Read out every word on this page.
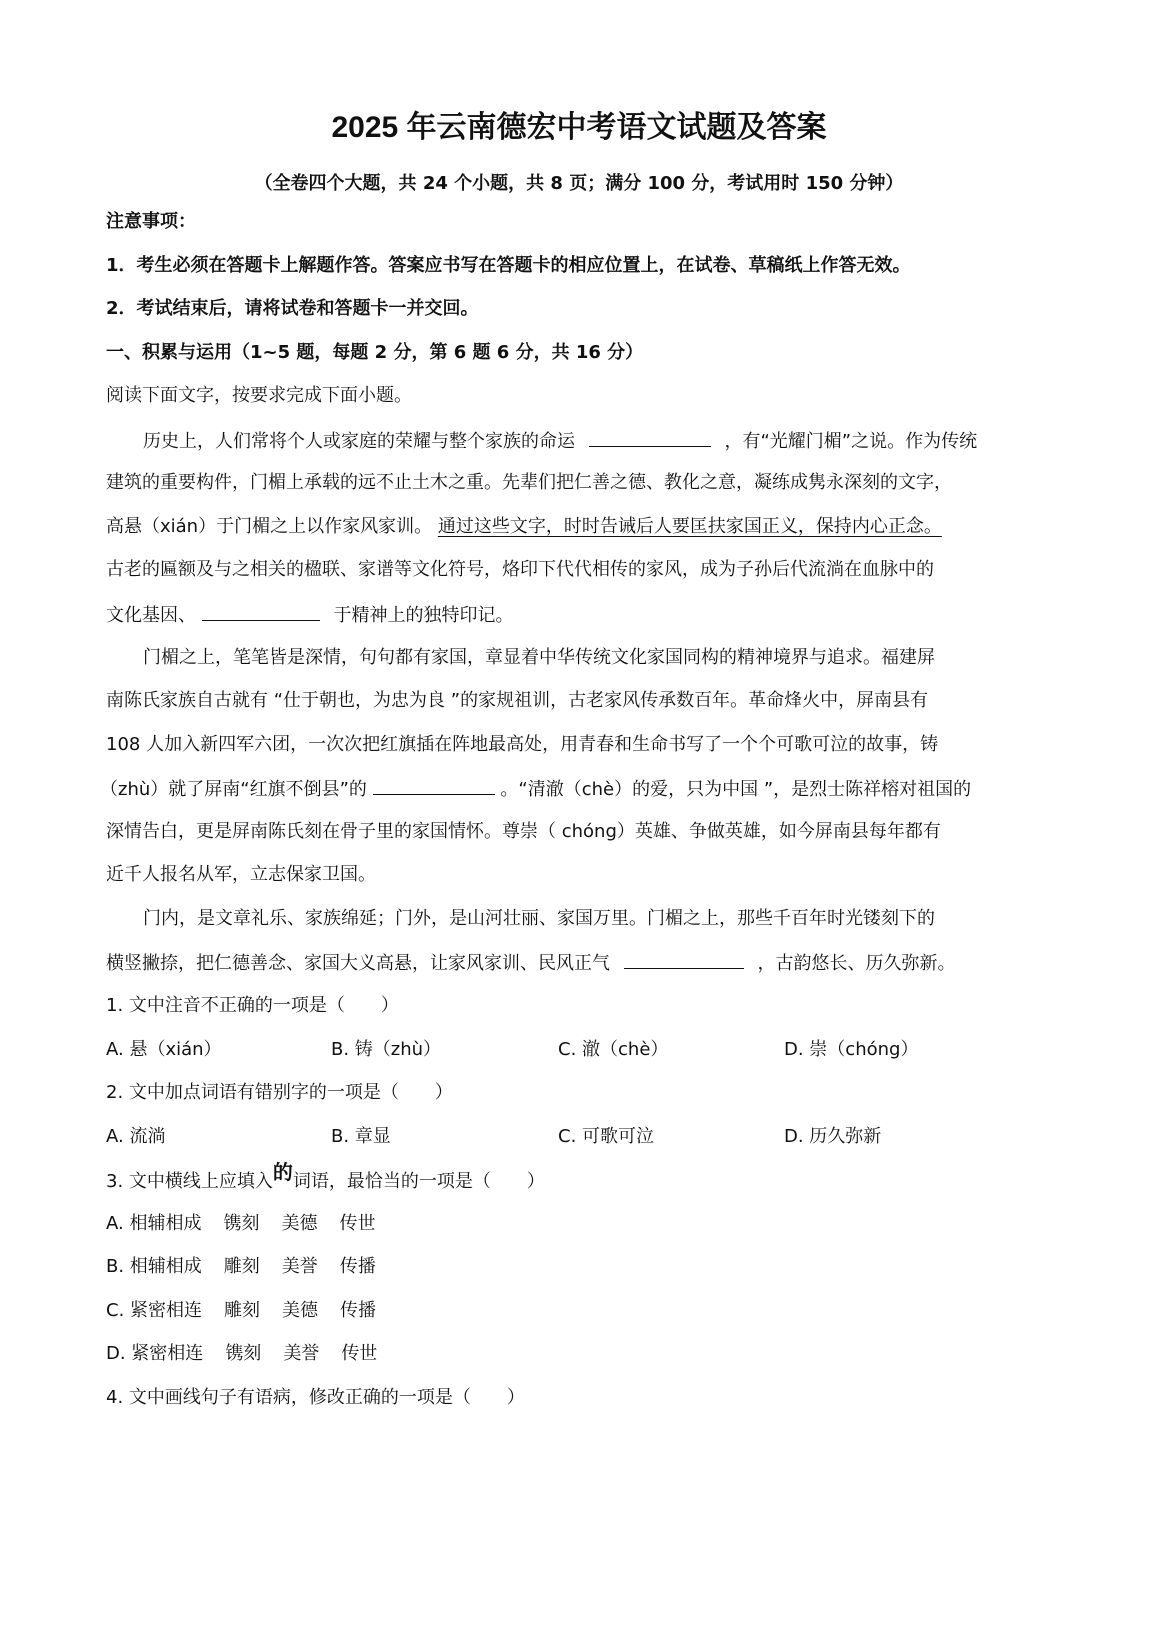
2025 年云南德宏中考语文试题及答案
（全卷四个大题，共 24 个小题，共 8 页；满分 100 分，考试用时 150 分钟）
注意事项：
1．考生必须在答题卡上解题作答。答案应书写在答题卡的相应位置上，在试卷、草稿纸上作答无效。
2．考试结束后，请将试卷和答题卡一并交回。
一、积累与运用（1~5 题，每题 2 分，第 6 题 6 分，共 16 分）
阅读下面文字，按要求完成下面小题。
历史上，人们常将个人或家庭的荣耀与整个家族的命运	，有“光耀门楣”之说。作为传统
建筑的重要构件，门楣上承载的远不止土木之重。先辈们把仁善之德、教化之意，凝练成隽永深刻的文字，
高悬（xián）于门楣之上以作家风家训。 通过这些文字，时时告诫后人要匡扶家国正义，保持内心正念。
古老的匾额及与之相关的楹联、家谱等文化符号，烙印下代代相传的家风，成为子孙后代流淌在血脉中的
文化基因、	于精神上的独特印记。
门楣之上，笔笔皆是深情，句句都有家国，章显着中华传统文化家国同构的精神境界与追求。福建屏
南陈氏家族自古就有 “仕于朝也，为忠为良 ”的家规祖训，古老家风传承数百年。革命烽火中，屏南县有
108 人加入新四军六团，一次次把红旗插在阵地最高处，用青春和生命书写了一个个可歌可泣的故事，铸
（zhù）就了屏南“红旗不倒县”的	。“清澈（chè）的爱，只为中国 ”，是烈士陈祥榕对祖国的
深情告白，更是屏南陈氏刻在骨子里的家国情怀。尊崇（ chóng）英雄、争做英雄，如今屏南县每年都有
近千人报名从军，立志保家卫国。
门内，是文章礼乐、家族绵延；门外，是山河壮丽、家国万里。门楣之上，那些千百年时光镂刻下的
横竖撇捺，把仁德善念、家国大义高悬，让家风家训、民风正气	，古韵悠长、历久弥新。
1. 文中注音不正确的一项是（　　）
A. 悬（xián）	B. 铸（zhù）	C. 澈（chè）	D. 崇（chóng）
2. 文中加点词语有错别字的一项是（　　）
A. 流淌	B. 章显	C. 可歌可泣	D. 历久弥新
3. 文中横线上应填入的词语，最恰当的一项是（　　）
A. 相辅相成 镌刻 美德 传世
B. 相辅相成 雕刻 美誉 传播
C. 紧密相连 雕刻 美德 传播
D. 紧密相连 镌刻 美誉 传世
4. 文中画线句子有语病，修改正确的一项是（　　）
